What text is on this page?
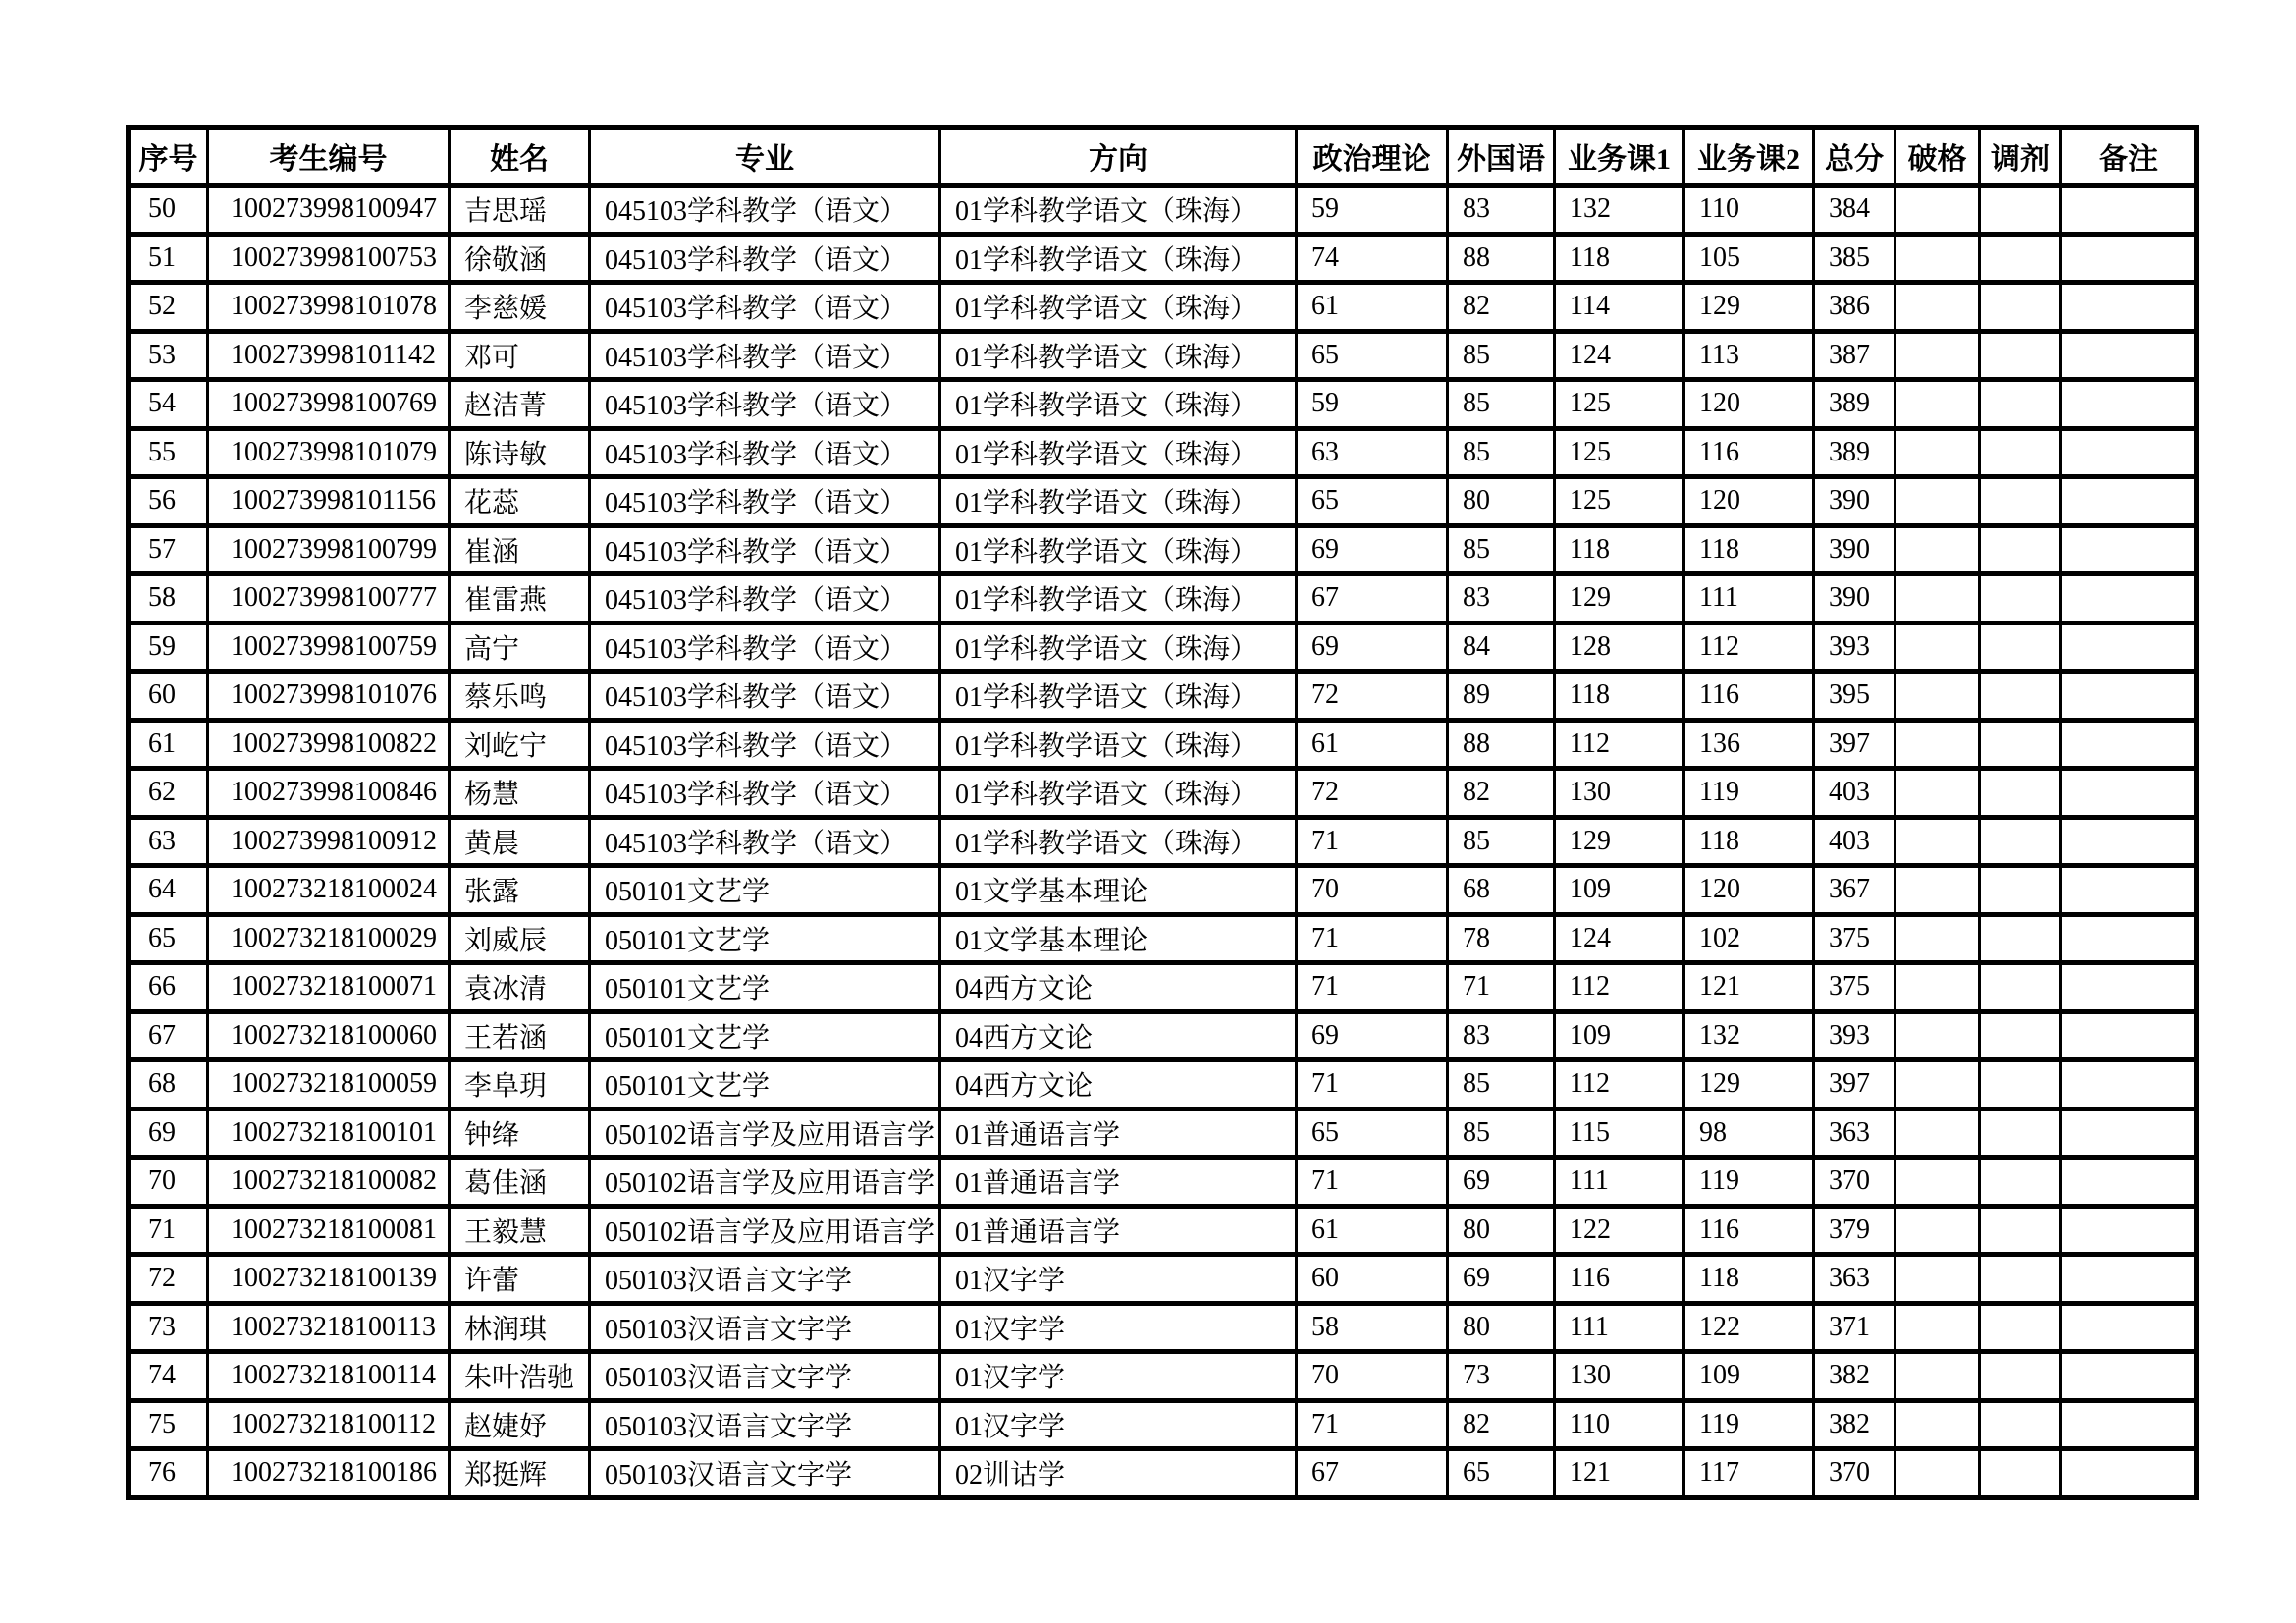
序号	考生编号	姓名	专业	方向	政治理论	外国语	业务课1	业务课2	总分	破格	调剂	备注
50	100273998100947	吉思瑶	045103学科教学（语文）	01学科教学语文（珠海）	59	83	132	110	384			
51	100273998100753	徐敬涵	045103学科教学（语文）	01学科教学语文（珠海）	74	88	118	105	385			
52	100273998101078	李慈媛	045103学科教学（语文）	01学科教学语文（珠海）	61	82	114	129	386			
53	100273998101142	邓可	045103学科教学（语文）	01学科教学语文（珠海）	65	85	124	113	387			
54	100273998100769	赵洁菁	045103学科教学（语文）	01学科教学语文（珠海）	59	85	125	120	389			
55	100273998101079	陈诗敏	045103学科教学（语文）	01学科教学语文（珠海）	63	85	125	116	389			
56	100273998101156	花蕊	045103学科教学（语文）	01学科教学语文（珠海）	65	80	125	120	390			
57	100273998100799	崔涵	045103学科教学（语文）	01学科教学语文（珠海）	69	85	118	118	390			
58	100273998100777	崔雷燕	045103学科教学（语文）	01学科教学语文（珠海）	67	83	129	111	390			
59	100273998100759	高宁	045103学科教学（语文）	01学科教学语文（珠海）	69	84	128	112	393			
60	100273998101076	蔡乐鸣	045103学科教学（语文）	01学科教学语文（珠海）	72	89	118	116	395			
61	100273998100822	刘屹宁	045103学科教学（语文）	01学科教学语文（珠海）	61	88	112	136	397			
62	100273998100846	杨慧	045103学科教学（语文）	01学科教学语文（珠海）	72	82	130	119	403			
63	100273998100912	黄晨	045103学科教学（语文）	01学科教学语文（珠海）	71	85	129	118	403			
64	100273218100024	张露	050101文艺学	01文学基本理论	70	68	109	120	367			
65	100273218100029	刘威辰	050101文艺学	01文学基本理论	71	78	124	102	375			
66	100273218100071	袁冰清	050101文艺学	04西方文论	71	71	112	121	375			
67	100273218100060	王若涵	050101文艺学	04西方文论	69	83	109	132	393			
68	100273218100059	李阜玥	050101文艺学	04西方文论	71	85	112	129	397			
69	100273218100101	钟绛	050102语言学及应用语言学	01普通语言学	65	85	115	98	363			
70	100273218100082	葛佳涵	050102语言学及应用语言学	01普通语言学	71	69	111	119	370			
71	100273218100081	王毅慧	050102语言学及应用语言学	01普通语言学	61	80	122	116	379			
72	100273218100139	许蕾	050103汉语言文字学	01汉字学	60	69	116	118	363			
73	100273218100113	林润琪	050103汉语言文字学	01汉字学	58	80	111	122	371			
74	100273218100114	朱叶浩驰	050103汉语言文字学	01汉字学	70	73	130	109	382			
75	100273218100112	赵婕妤	050103汉语言文字学	01汉字学	71	82	110	119	382			
76	100273218100186	郑挺辉	050103汉语言文字学	02训诂学	67	65	121	117	370			
